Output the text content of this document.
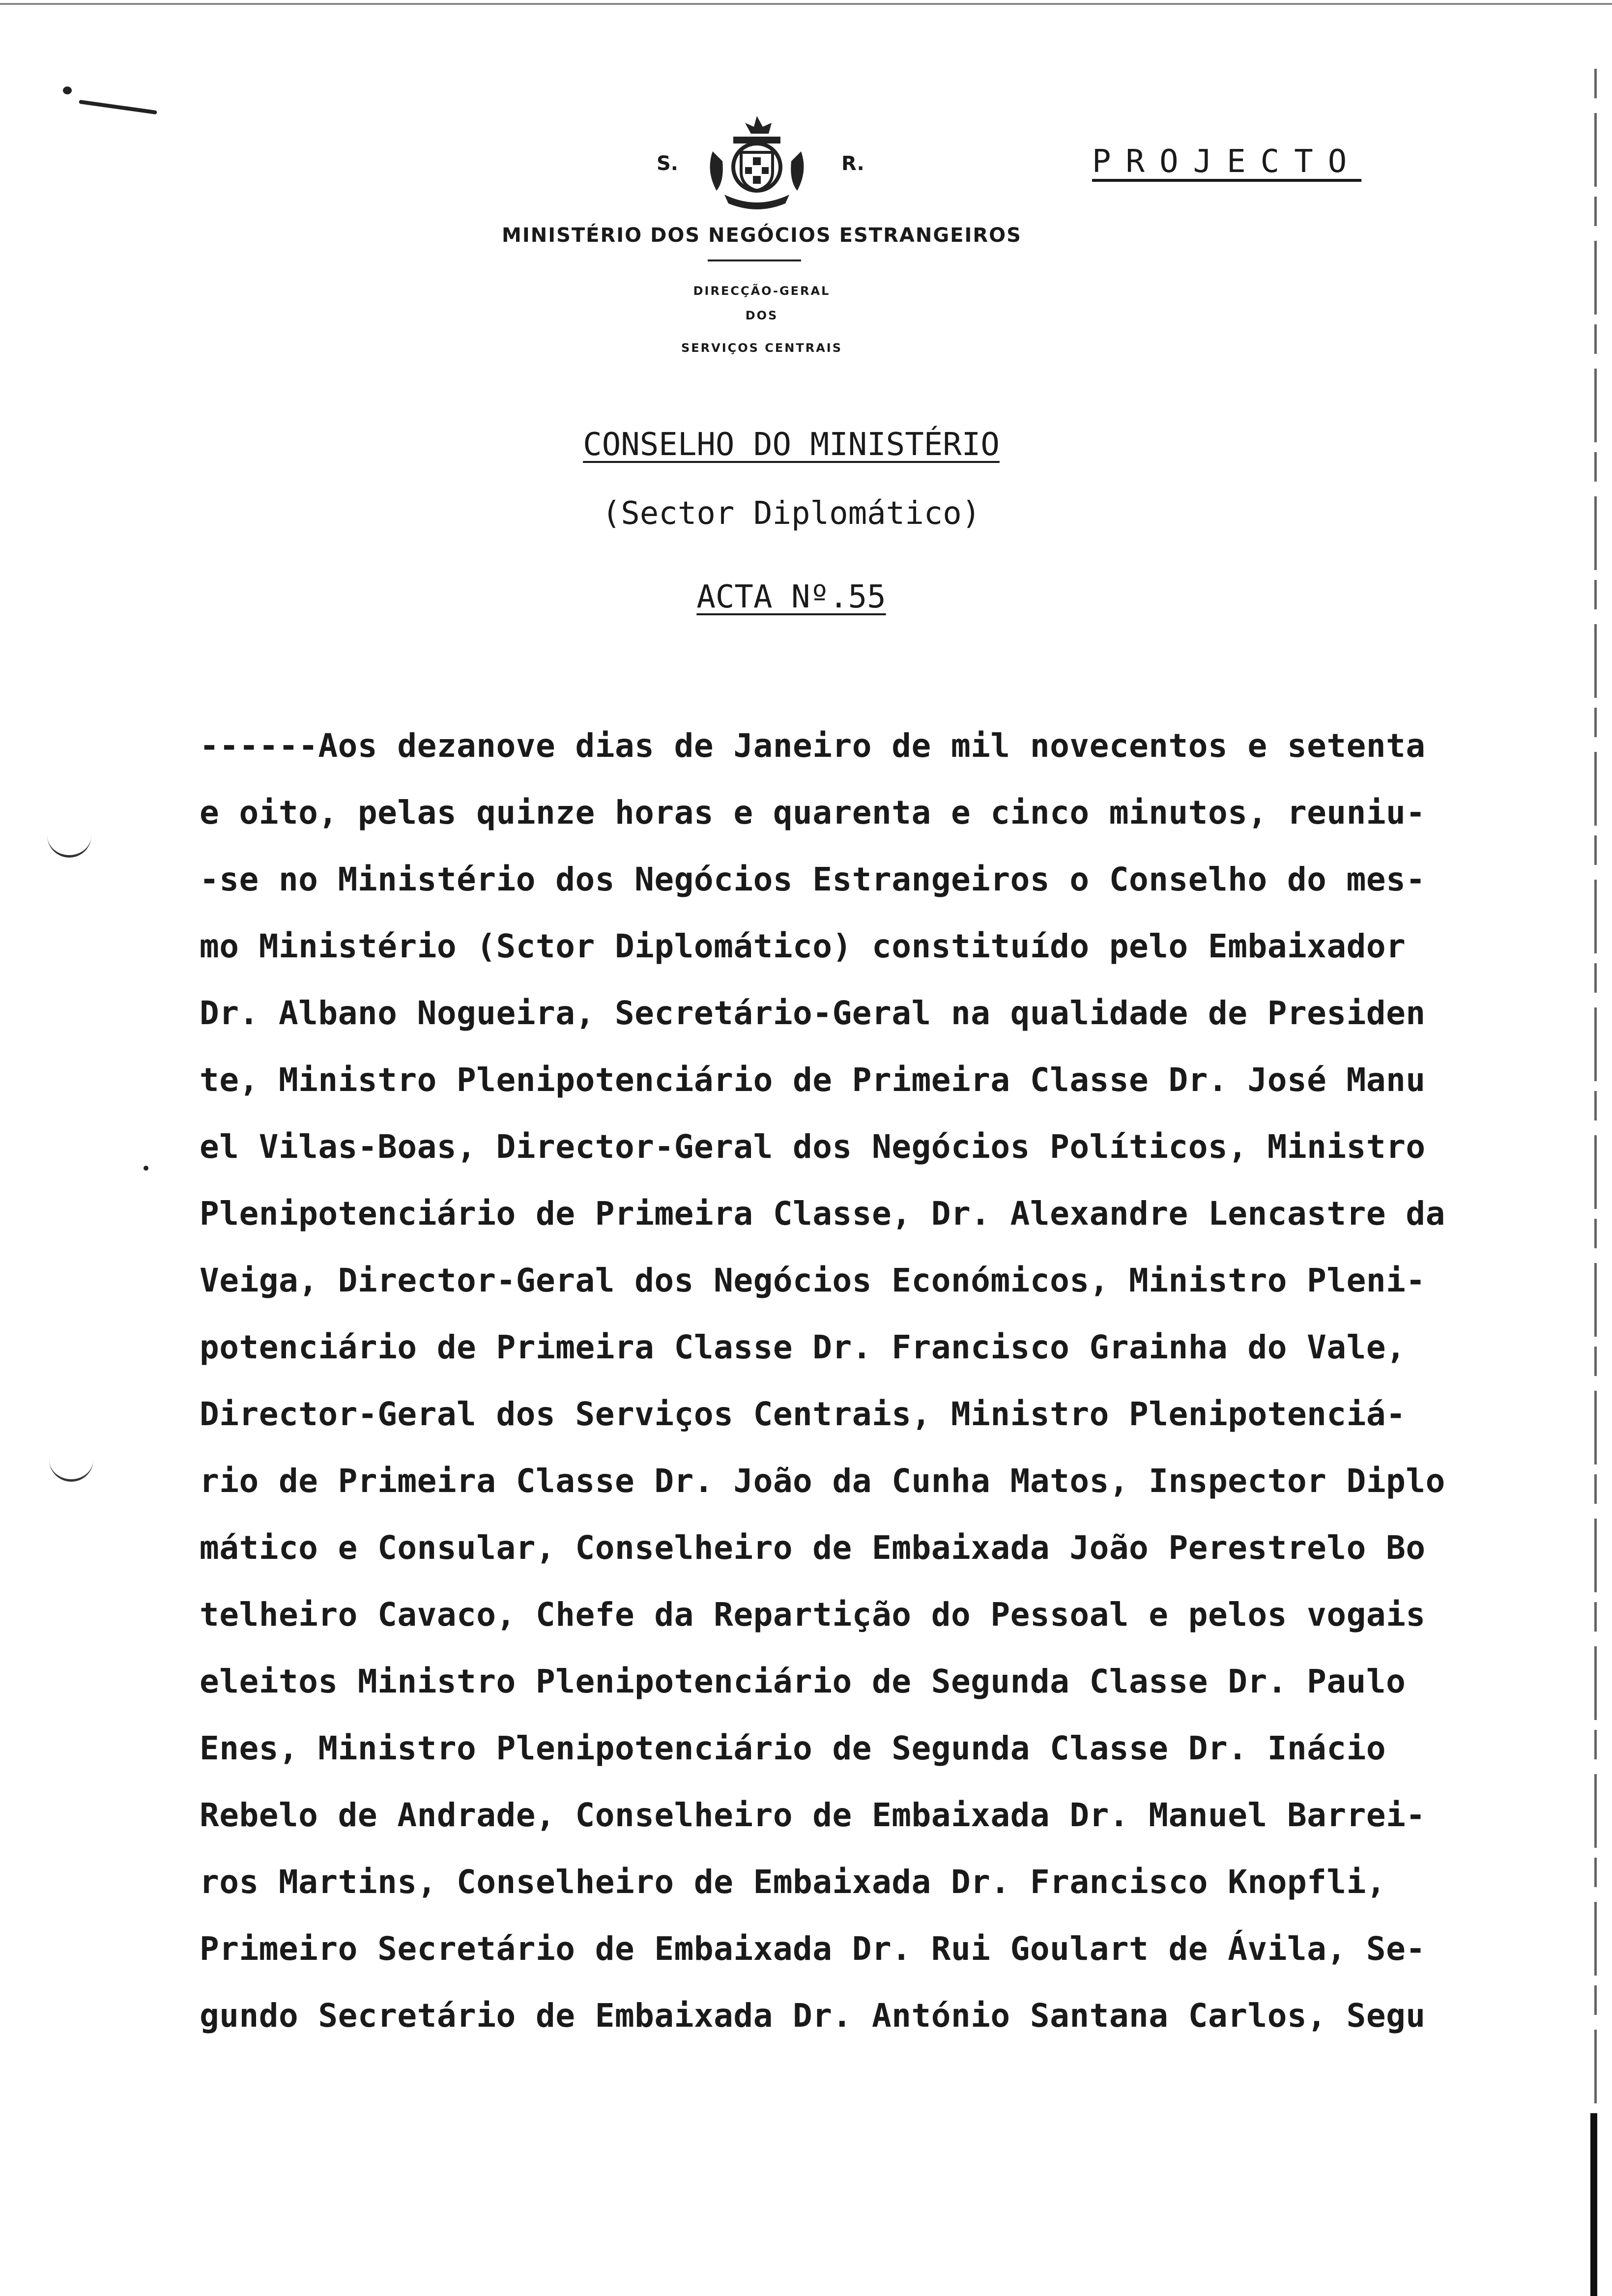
S.	R.	PROJECTO
MINISTÉRIO DOS NEGÓCIOS ESTRANGEIROS
DIRECÇÃO-GERAL
DOS
SERVIÇOS CENTRAIS
CONSELHO DO MINISTÉRIO
(Sector Diplomático)
ACTA Nº.55
------Aos dezanove dias de Janeiro de mil novecentos e setenta
e oito, pelas quinze horas e quarenta e cinco minutos, reuniu-
-se no Ministério dos Negócios Estrangeiros o Conselho do mes-
mo Ministério (Sctor Diplomático) constituído pelo Embaixador
Dr. Albano Nogueira, Secretário-Geral na qualidade de Presiden
te, Ministro Plenipotenciário de Primeira Classe Dr. José Manu
el Vilas-Boas, Director-Geral dos Negócios Políticos, Ministro
Plenipotenciário de Primeira Classe, Dr. Alexandre Lencastre da
Veiga, Director-Geral dos Negócios Económicos, Ministro Pleni-
potenciário de Primeira Classe Dr. Francisco Grainha do Vale,
Director-Geral dos Serviços Centrais, Ministro Plenipotenciá-
rio de Primeira Classe Dr. João da Cunha Matos, Inspector Diplo
mático e Consular, Conselheiro de Embaixada João Perestrelo Bo
telheiro Cavaco, Chefe da Repartição do Pessoal e pelos vogais
eleitos Ministro Plenipotenciário de Segunda Classe Dr. Paulo
Enes, Ministro Plenipotenciário de Segunda Classe Dr. Inácio
Rebelo de Andrade, Conselheiro de Embaixada Dr. Manuel Barrei-
ros Martins, Conselheiro de Embaixada Dr. Francisco Knopfli,
Primeiro Secretário de Embaixada Dr. Rui Goulart de Ávila, Se-
gundo Secretário de Embaixada Dr. António Santana Carlos, Segu
